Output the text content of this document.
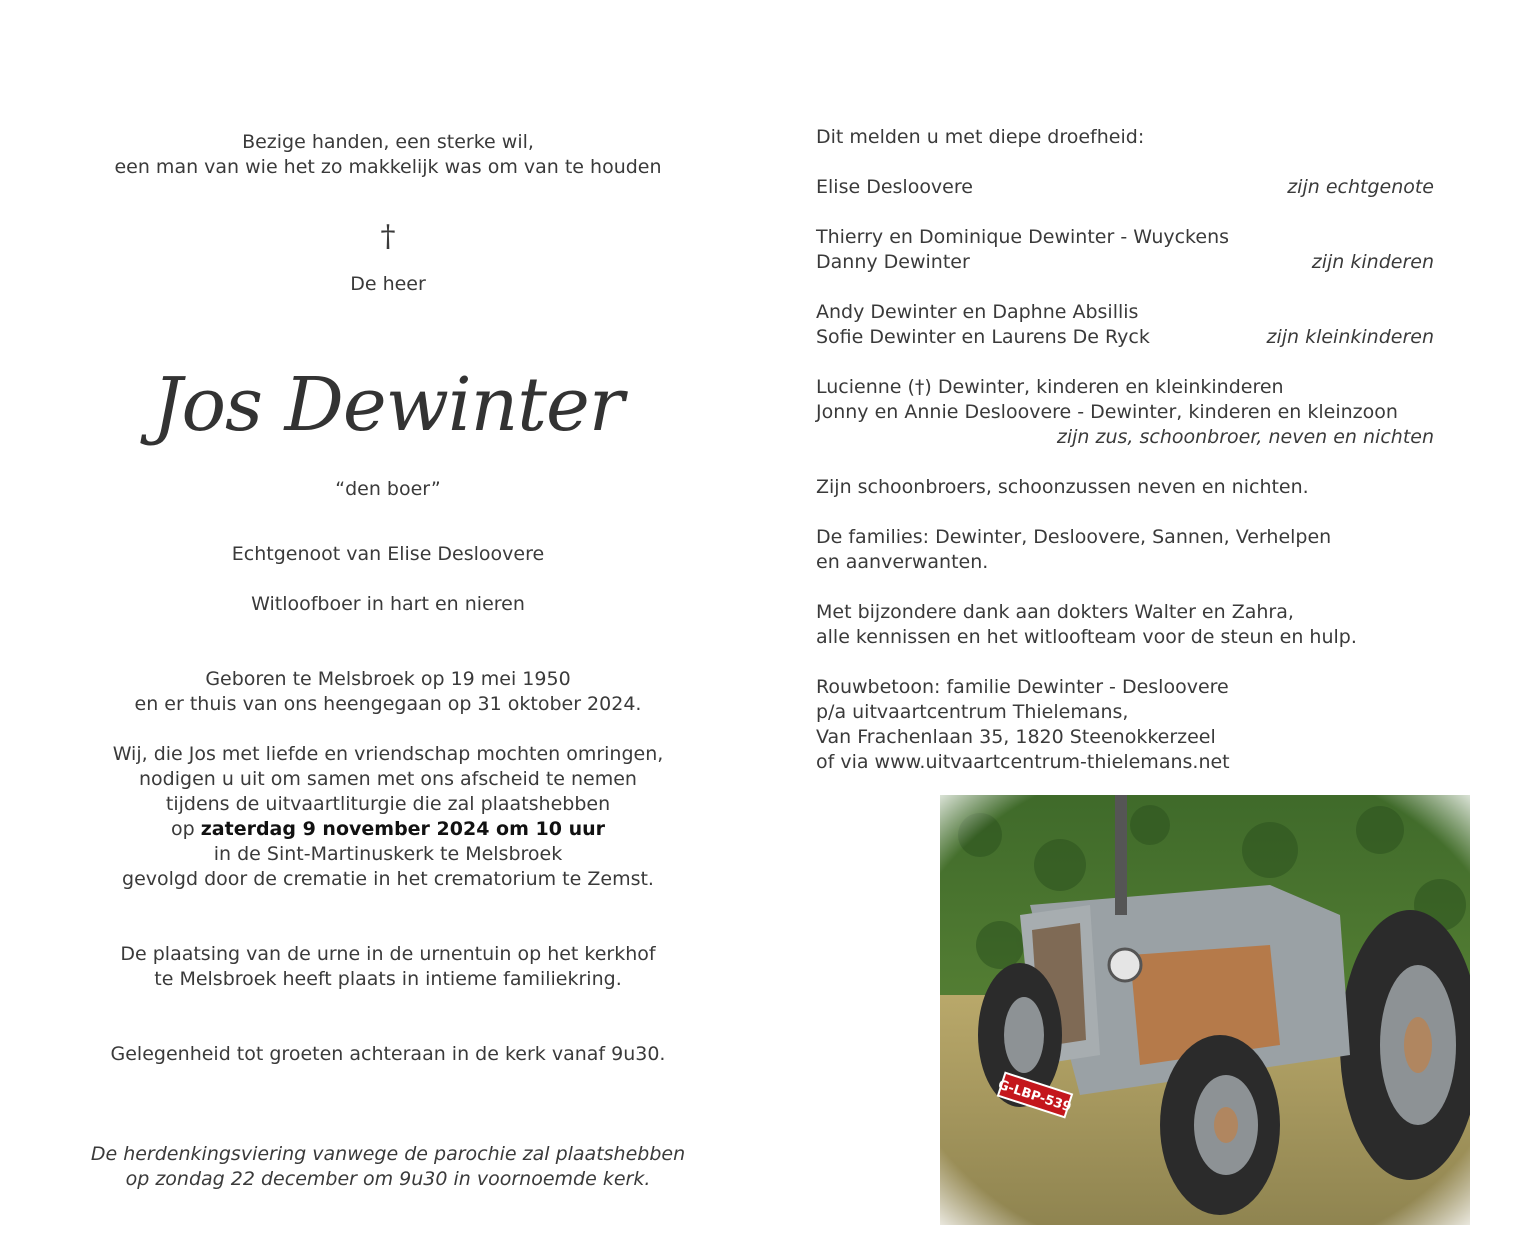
Bezige handen, een sterke wil,
een man van wie het zo makkelijk was om van te houden
†
De heer
Jos Dewinter
“den boer”
Echtgenoot van Elise Desloovere
Witloofboer in hart en nieren
Geboren te Melsbroek op 19 mei 1950
en er thuis van ons heengegaan op 31 oktober 2024.
Wij, die Jos met liefde en vriendschap mochten omringen,
nodigen u uit om samen met ons afscheid te nemen
tijdens de uitvaartliturgie die zal plaatshebben
op zaterdag 9 november 2024 om 10 uur
in de Sint-Martinuskerk te Melsbroek
gevolgd door de crematie in het crematorium te Zemst.
De plaatsing van de urne in de urnentuin op het kerkhof
te Melsbroek heeft plaats in intieme familiekring.
Gelegenheid tot groeten achteraan in de kerk vanaf 9u30.
De herdenkingsviering vanwege de parochie zal plaatshebben
op zondag 22 december om 9u30 in voornoemde kerk.
Dit melden u met diepe droefheid:
Elise Desloovere	zijn echtgenote
Thierry en Dominique Dewinter - Wuyckens
Danny Dewinter	zijn kinderen
Andy Dewinter en Daphne Absillis
Sofie Dewinter en Laurens De Ryck	zijn kleinkinderen
Lucienne (†) Dewinter, kinderen en kleinkinderen
Jonny en Annie Desloovere - Dewinter, kinderen en kleinzoon
zijn zus, schoonbroer, neven en nichten
Zijn schoonbroers, schoonzussen neven en nichten.
De families: Dewinter, Desloovere, Sannen, Verhelpen
en aanverwanten.
Met bijzondere dank aan dokters Walter en Zahra,
alle kennissen en het witloofteam voor de steun en hulp.
Rouwbetoon: familie Dewinter - Desloovere
p/a uitvaartcentrum Thielemans,
Van Frachenlaan 35, 1820 Steenokkerzeel
of via www.uitvaartcentrum-thielemans.net
